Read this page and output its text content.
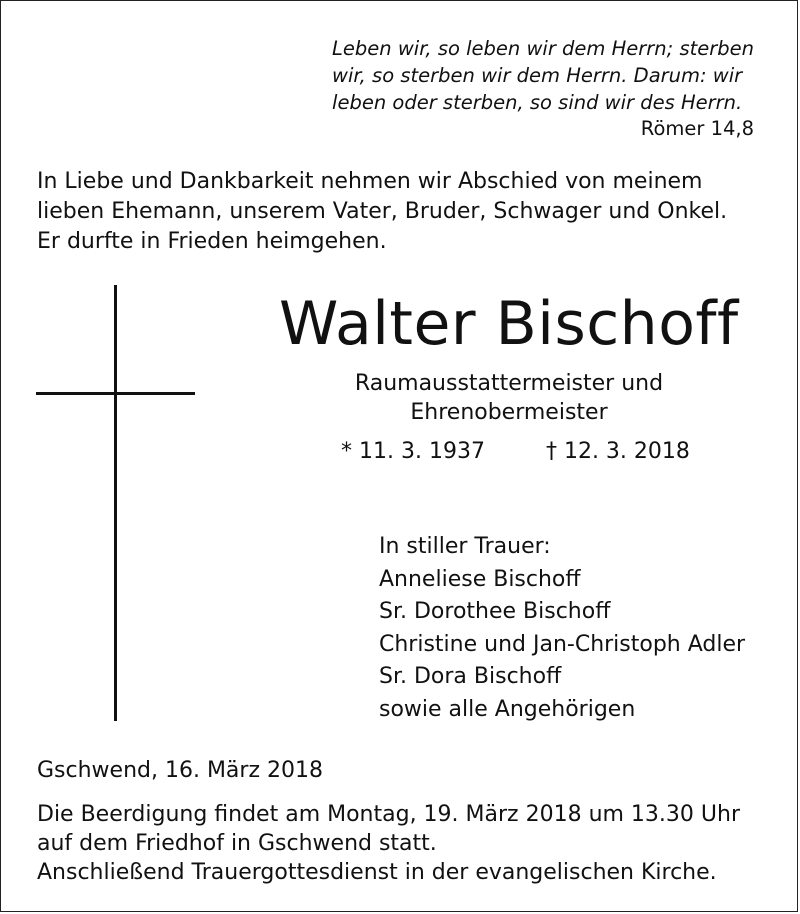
Leben wir, so leben wir dem Herrn; sterben
wir, so sterben wir dem Herrn. Darum: wir
leben oder sterben, so sind wir des Herrn.
Römer 14,8
In Liebe und Dankbarkeit nehmen wir Abschied von meinem
lieben Ehemann, unserem Vater, Bruder, Schwager und Onkel.
Er durfte in Frieden heimgehen.
Walter Bischoff
Raumausstattermeister und
Ehrenobermeister
* 11. 3. 1937	† 12. 3. 2018
In stiller Trauer:
Anneliese Bischoff
Sr. Dorothee Bischoff
Christine und Jan-Christoph Adler
Sr. Dora Bischoff
sowie alle Angehörigen
Gschwend, 16. März 2018
Die Beerdigung findet am Montag, 19. März 2018 um 13.30 Uhr
auf dem Friedhof in Gschwend statt.
Anschließend Trauergottesdienst in der evangelischen Kirche.
